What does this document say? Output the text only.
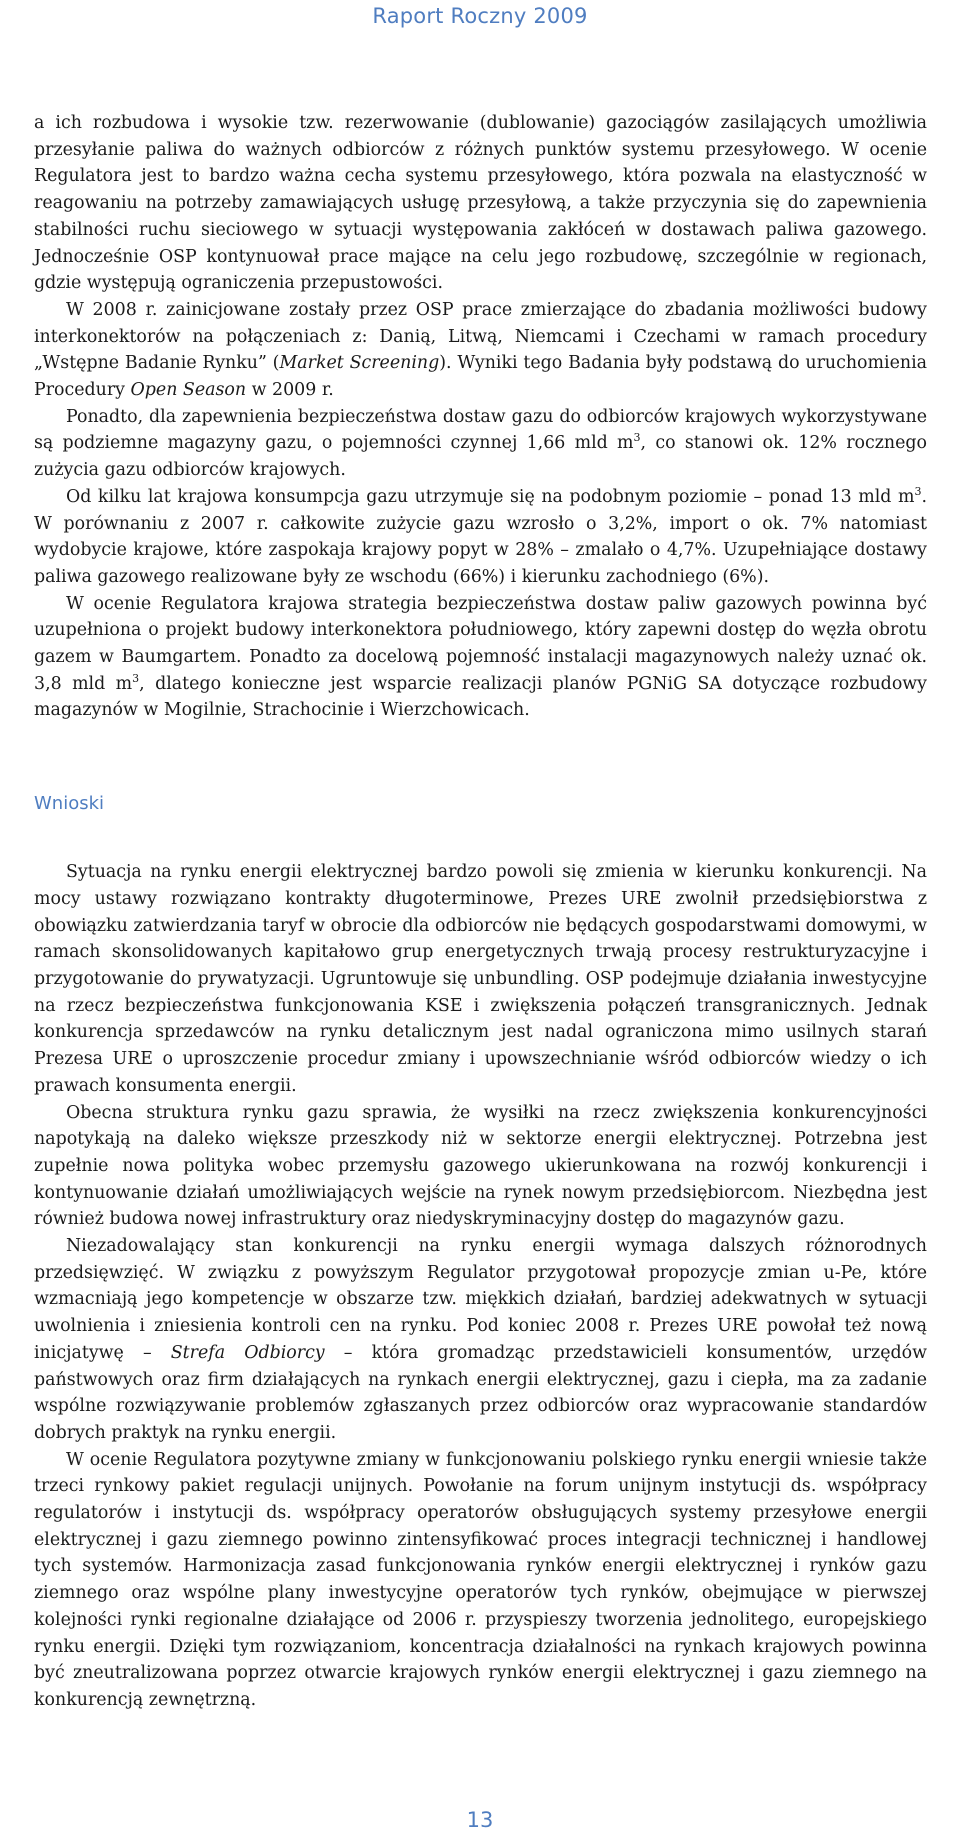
Raport Roczny 2009

a ich rozbudowa i wysokie tzw. rezerwowanie (dublowanie) gazociągów zasilających umożliwia przesyłanie paliwa do ważnych odbiorców z różnych punktów systemu przesyłowego. W ocenie Regulatora jest to bardzo ważna cecha systemu przesyłowego, która pozwala na elastyczność w reagowaniu na potrzeby zamawiających usługę przesyłową, a także przyczynia się do zapewnienia stabilności ruchu sieciowego w sytuacji występowania zakłóceń w dostawach paliwa gazowego. Jednocześnie OSP kontynuował prace mające na celu jego rozbudowę, szczególnie w regionach, gdzie występują ograniczenia przepustowości.

W 2008 r. zainicjowane zostały przez OSP prace zmierzające do zbadania możliwości budowy interkonektorów na połączeniach z: Danią, Litwą, Niemcami i Czechami w ramach procedury „Wstępne Badanie Rynku” (Market Screening). Wyniki tego Badania były podstawą do uruchomienia Procedury Open Season w 2009 r.

Ponadto, dla zapewnienia bezpieczeństwa dostaw gazu do odbiorców krajowych wykorzystywane są podziemne magazyny gazu, o pojemności czynnej 1,66 mld $m^3$, co stanowi ok. 12% rocznego zużycia gazu odbiorców krajowych.

Od kilku lat krajowa konsumpcja gazu utrzymuje się na podobnym poziomie – ponad 13 mld $m^3$. W porównaniu z 2007 r. całkowite zużycie gazu wzrosło o 3,2%, import o ok. 7% natomiast wydobycie krajowe, które zaspokaja krajowy popyt w 28% – zmalało o 4,7%. Uzupełniające dostawy paliwa gazowego realizowane były ze wschodu (66%) i kierunku zachodniego (6%).

W ocenie Regulatora krajowa strategia bezpieczeństwa dostaw paliw gazowych powinna być uzupełniona o projekt budowy interkonektora południowego, który zapewni dostęp do węzła obrotu gazem w Baumgartem. Ponadto za docelową pojemność instalacji magazynowych należy uznać ok. 3,8 mld $m^3$, dlatego konieczne jest wsparcie realizacji planów PGNiG SA dotyczące rozbudowy magazynów w Mogilnie, Strachocinie i Wierzchowicach.

Wnioski

Sytuacja na rynku energii elektrycznej bardzo powoli się zmienia w kierunku konkurencji. Na mocy ustawy rozwiązano kontrakty długoterminowe, Prezes URE zwolnił przedsiębiorstwa z obowiązku zatwierdzania taryf w obrocie dla odbiorców nie będących gospodarstwami domowymi, w ramach skonsolidowanych kapitałowo grup energetycznych trwają procesy restrukturyzacyjne i przygotowanie do prywatyzacji. Ugruntowuje się unbundling. OSP podejmuje działania inwestycyjne na rzecz bezpieczeństwa funkcjonowania KSE i zwiększenia połączeń transgranicznych. Jednak konkurencja sprzedawców na rynku detalicznym jest nadal ograniczona mimo usilnych starań Prezesa URE o uproszczenie procedur zmiany i upowszechnianie wśród odbiorców wiedzy o ich prawach konsumenta energii.

Obecna struktura rynku gazu sprawia, że wysiłki na rzecz zwiększenia konkurencyjności napotykają na daleko większe przeszkody niż w sektorze energii elektrycznej. Potrzebna jest zupełnie nowa polityka wobec przemysłu gazowego ukierunkowana na rozwój konkurencji i kontynuowanie działań umożliwiających wejście na rynek nowym przedsiębiorcom. Niezbędna jest również budowa nowej infrastruktury oraz niedyskryminacyjny dostęp do magazynów gazu.

Niezadowalający stan konkurencji na rynku energii wymaga dalszych różnorodnych przedsięwzięć. W związku z powyższym Regulator przygotował propozycje zmian u-Pe, które wzmacniają jego kompetencje w obszarze tzw. miękkich działań, bardziej adekwatnych w sytuacji uwolnienia i zniesienia kontroli cen na rynku. Pod koniec 2008 r. Prezes URE powołał też nową inicjatywę – Strefa Odbiorcy – która gromadząc przedstawicieli konsumentów, urzędów państwowych oraz firm działających na rynkach energii elektrycznej, gazu i ciepła, ma za zadanie wspólne rozwiązywanie problemów zgłaszanych przez odbiorców oraz wypracowanie standardów dobrych praktyk na rynku energii.

W ocenie Regulatora pozytywne zmiany w funkcjonowaniu polskiego rynku energii wniesie także trzeci rynkowy pakiet regulacji unijnych. Powołanie na forum unijnym instytucji ds. współpracy regulatorów i instytucji ds. współpracy operatorów obsługujących systemy przesyłowe energii elektrycznej i gazu ziemnego powinno zintensyfikować proces integracji technicznej i handlowej tych systemów. Harmonizacja zasad funkcjonowania rynków energii elektrycznej i rynków gazu ziemnego oraz wspólne plany inwestycyjne operatorów tych rynków, obejmujące w pierwszej kolejności rynki regionalne działające od 2006 r. przyspieszy tworzenia jednolitego, europejskiego rynku energii. Dzięki tym rozwiązaniom, koncentracja działalności na rynkach krajowych powinna być zneutralizowana poprzez otwarcie krajowych rynków energii elektrycznej i gazu ziemnego na konkurencją zewnętrzną.

13
